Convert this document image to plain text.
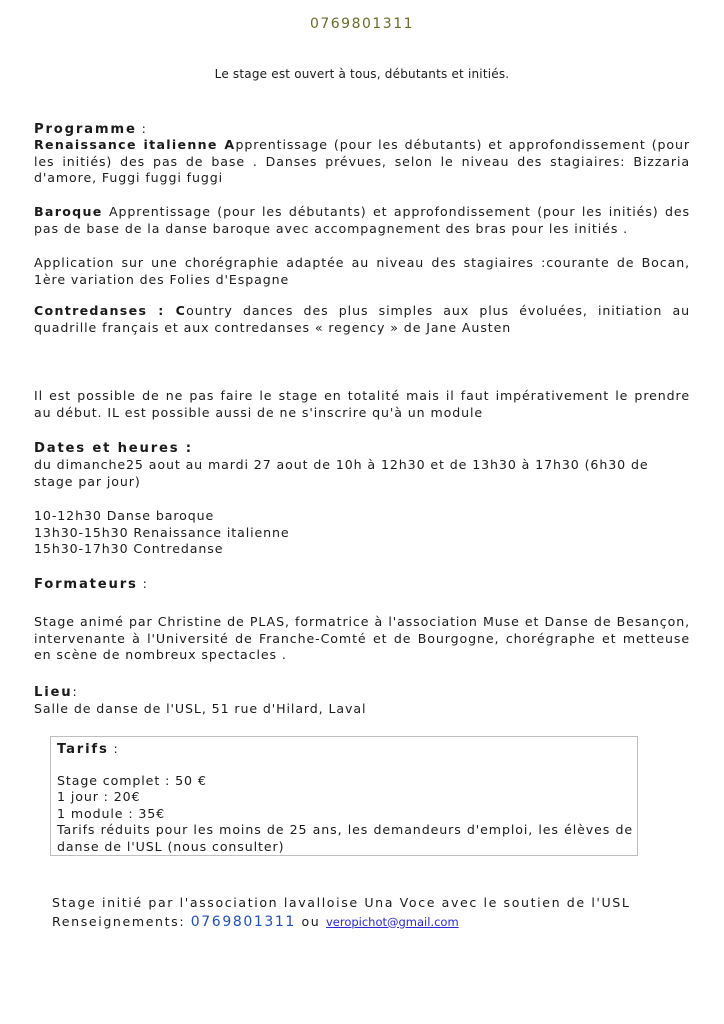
0769801311
Le stage est ouvert à tous, débutants et initiés.
Programme :
Renaissance italienne Apprentissage (pour les débutants) et approfondissement (pour les initiés) des pas de base . Danses prévues, selon le niveau des stagiaires: Bizzaria d'amore, Fuggi fuggi fuggi
Baroque Apprentissage (pour les débutants) et approfondissement (pour les initiés) des pas de base de la danse baroque avec accompagnement des bras pour les initiés .
Application sur une chorégraphie adaptée au niveau des stagiaires :courante de Bocan, 1ère variation des Folies d'Espagne
Contredanses : Country dances des plus simples aux plus évoluées, initiation au quadrille français et aux contredanses « regency » de Jane Austen
Il est possible de ne pas faire le stage en totalité mais il faut impérativement le prendre au début. IL est possible aussi de ne s'inscrire qu'à un module
Dates et heures :
du dimanche25 aout au mardi 27 aout de 10h à 12h30 et de 13h30 à 17h30 (6h30 de stage par jour)
10-12h30 Danse baroque
13h30-15h30 Renaissance italienne
15h30-17h30 Contredanse
Formateurs :
Stage animé par Christine de PLAS, formatrice à l'association Muse et Danse de Besançon, intervenante à l'Université de Franche-Comté et de Bourgogne, chorégraphe et metteuse en scène de nombreux spectacles .
Lieu:
Salle de danse de l'USL, 51 rue d'Hilard, Laval
Tarifs :
Stage complet : 50 €
1 jour : 20€
1 module : 35€
Tarifs réduits pour les moins de 25 ans, les demandeurs d'emploi, les élèves de danse de l'USL (nous consulter)
Stage initié par l'association lavalloise Una Voce avec le soutien de l'USL
Renseignements: 0769801311 ou veropichot@gmail.com
